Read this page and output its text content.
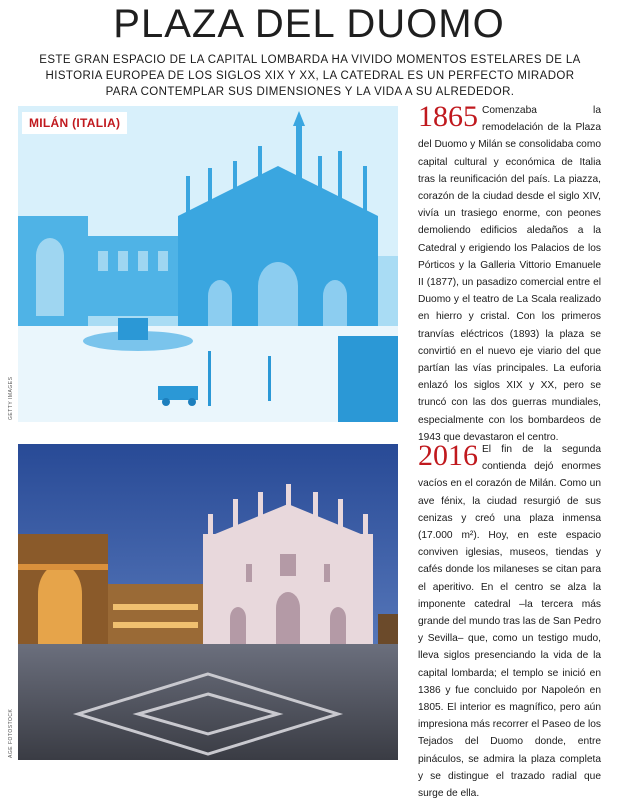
PLAZA DEL DUOMO
ESTE GRAN ESPACIO DE LA CAPITAL LOMBARDA HA VIVIDO MOMENTOS ESTELARES DE LA HISTORIA EUROPEA DE LOS SIGLOS XIX Y XX, LA CATEDRAL ES UN PERFECTO MIRADOR PARA CONTEMPLAR SUS DIMENSIONES Y LA VIDA A SU ALREDEDOR.
MILÁN (ITALIA)
GETTY IMAGES
AGE FOTOSTOCK
1865 Comenzaba la remodelación de la Plaza del Duomo y Milán se consolidaba como capital cultural y económica de Italia tras la reunificación del país. La piazza, corazón de la ciudad desde el siglo XIV, vivía un trasiego enorme, con peones demoliendo edificios aledaños a la Catedral y erigiendo los Palacios de los Pórticos y la Galleria Vittorio Emanuele II (1877), un pasadizo comercial entre el Duomo y el teatro de La Scala realizado en hierro y cristal. Con los primeros tranvías eléctricos (1893) la plaza se convirtió en el nuevo eje viario del que partían las vías principales. La euforia enlazó los siglos XIX y XX, pero se truncó con las dos guerras mundiales, especialmente con los bombardeos de 1943 que devastaron el centro.
2016 El fin de la segunda contienda dejó enormes vacíos en el corazón de Milán. Como un ave fénix, la ciudad resurgió de sus cenizas y creó una plaza inmensa (17.000 m²). Hoy, en este espacio conviven iglesias, museos, tiendas y cafés donde los milaneses se citan para el aperitivo. En el centro se alza la imponente catedral –la tercera más grande del mundo tras las de San Pedro y Sevilla– que, como un testigo mudo, lleva siglos presenciando la vida de la capital lombarda; el templo se inició en 1386 y fue concluido por Napoleón en 1805. El interior es magnífico, pero aún impresiona más recorrer el Paseo de los Tejados del Duomo donde, entre pináculos, se admira la plaza completa y se distingue el trazado radial que surge de ella.
